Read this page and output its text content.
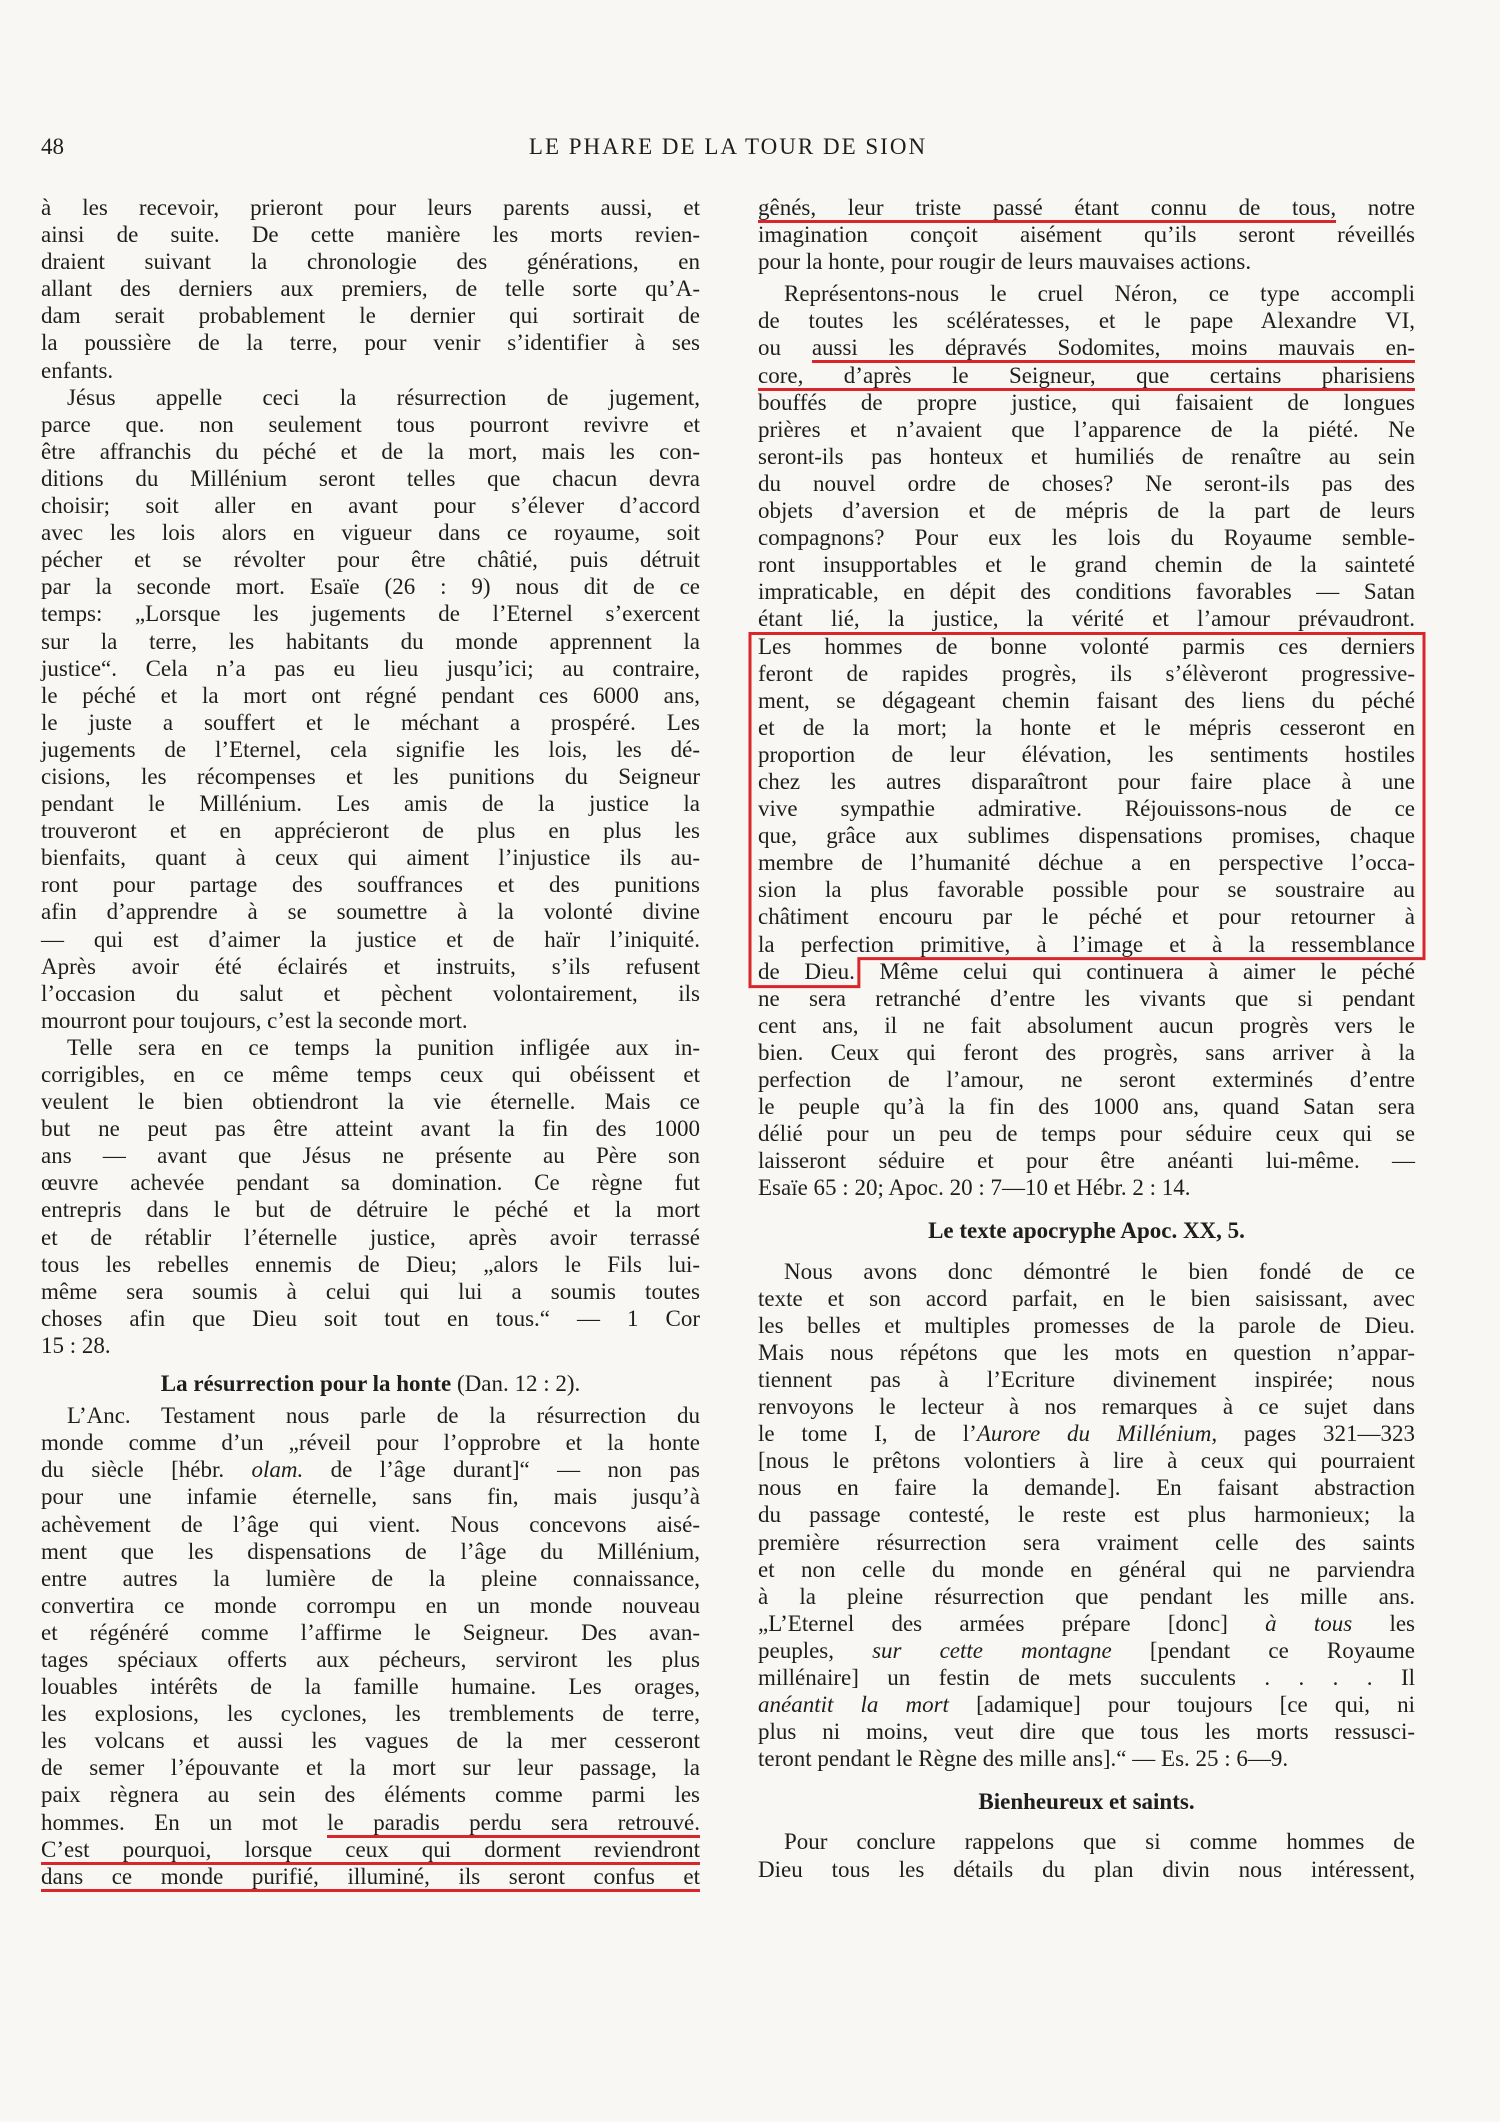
48	LE PHARE DE LA TOUR DE SION
à les recevoir, prieront pour leurs parents aussi, et
ainsi de suite. De cette manière les morts revien-
draient suivant la chronologie des générations, en
allant des derniers aux premiers, de telle sorte qu’A-
dam serait probablement le dernier qui sortirait de
la poussière de la terre, pour venir s’identifier à ses
enfants.
Jésus appelle ceci la résurrection de jugement,
parce que. non seulement tous pourront revivre et
être affranchis du péché et de la mort, mais les con-
ditions du Millénium seront telles que chacun devra
choisir; soit aller en avant pour s’élever d’accord
avec les lois alors en vigueur dans ce royaume, soit
pécher et se révolter pour être châtié, puis détruit
par la seconde mort. Esaïe (26 : 9) nous dit de ce
temps: „Lorsque les jugements de l’Eternel s’exercent
sur la terre, les habitants du monde apprennent la
justice“. Cela n’a pas eu lieu jusqu’ici; au contraire,
le péché et la mort ont régné pendant ces 6000 ans,
le juste a souffert et le méchant a prospéré. Les
jugements de l’Eternel, cela signifie les lois, les dé-
cisions, les récompenses et les punitions du Seigneur
pendant le Millénium. Les amis de la justice la
trouveront et en apprécieront de plus en plus les
bienfaits, quant à ceux qui aiment l’injustice ils au-
ront pour partage des souffrances et des punitions
afin d’apprendre à se soumettre à la volonté divine
— qui est d’aimer la justice et de haïr l’iniquité.
Après avoir été éclairés et instruits, s’ils refusent
l’occasion du salut et pèchent volontairement, ils
mourront pour toujours, c’est la seconde mort.
Telle sera en ce temps la punition infligée aux in-
corrigibles, en ce même temps ceux qui obéissent et
veulent le bien obtiendront la vie éternelle. Mais ce
but ne peut pas être atteint avant la fin des 1000
ans — avant que Jésus ne présente au Père son
œuvre achevée pendant sa domination. Ce règne fut
entrepris dans le but de détruire le péché et la mort
et de rétablir l’éternelle justice, après avoir terrassé
tous les rebelles ennemis de Dieu; „alors le Fils lui-
même sera soumis à celui qui lui a soumis toutes
choses afin que Dieu soit tout en tous.“ — 1 Cor
15 : 28.
La résurrection pour la honte (Dan. 12 : 2).
L’Anc. Testament nous parle de la résurrection du
monde comme d’un „réveil pour l’opprobre et la honte
du siècle [hébr. olam. de l’âge durant]“ — non pas
pour une infamie éternelle, sans fin, mais jusqu’à
achèvement de l’âge qui vient. Nous concevons aisé-
ment que les dispensations de l’âge du Millénium,
entre autres la lumière de la pleine connaissance,
convertira ce monde corrompu en un monde nouveau
et régénéré comme l’affirme le Seigneur. Des avan-
tages spéciaux offerts aux pécheurs, serviront les plus
louables intérêts de la famille humaine. Les orages,
les explosions, les cyclones, les tremblements de terre,
les volcans et aussi les vagues de la mer cesseront
de semer l’épouvante et la mort sur leur passage, la
paix règnera au sein des éléments comme parmi les
hommes. En un mot le paradis perdu sera retrouvé.
C’est pourquoi, lorsque ceux qui dorment reviendront
dans ce monde purifié, illuminé, ils seront confus et
gênés, leur triste passé étant connu de tous, notre
imagination conçoit aisément qu’ils seront réveillés
pour la honte, pour rougir de leurs mauvaises actions.
Représentons-nous le cruel Néron, ce type accompli
de toutes les scélératesses, et le pape Alexandre VI,
ou aussi les dépravés Sodomites, moins mauvais en-
core, d’après le Seigneur, que certains pharisiens
bouffés de propre justice, qui faisaient de longues
prières et n’avaient que l’apparence de la piété. Ne
seront-ils pas honteux et humiliés de renaître au sein
du nouvel ordre de choses? Ne seront-ils pas des
objets d’aversion et de mépris de la part de leurs
compagnons? Pour eux les lois du Royaume semble-
ront insupportables et le grand chemin de la sainteté
impraticable, en dépit des conditions favorables — Satan
étant lié, la justice, la vérité et l’amour prévaudront.
Les hommes de bonne volonté parmis ces derniers
feront de rapides progrès, ils s’élèveront progressive-
ment, se dégageant chemin faisant des liens du péché
et de la mort; la honte et le mépris cesseront en
proportion de leur élévation, les sentiments hostiles
chez les autres disparaîtront pour faire place à une
vive sympathie admirative. Réjouissons-nous de ce
que, grâce aux sublimes dispensations promises, chaque
membre de l’humanité déchue a en perspective l’occa-
sion la plus favorable possible pour se soustraire au
châtiment encouru par le péché et pour retourner à
la perfection primitive, à l’image et à la ressemblance
de Dieu. Même celui qui continuera à aimer le péché
ne sera retranché d’entre les vivants que si pendant
cent ans, il ne fait absolument aucun progrès vers le
bien. Ceux qui feront des progrès, sans arriver à la
perfection de l’amour, ne seront exterminés d’entre
le peuple qu’à la fin des 1000 ans, quand Satan sera
délié pour un peu de temps pour séduire ceux qui se
laisseront séduire et pour être anéanti lui-même. —
Esaïe 65 : 20; Apoc. 20 : 7—10 et Hébr. 2 : 14.
Le texte apocryphe Apoc. XX, 5.
Nous avons donc démontré le bien fondé de ce
texte et son accord parfait, en le bien saisissant, avec
les belles et multiples promesses de la parole de Dieu.
Mais nous répétons que les mots en question n’appar-
tiennent pas à l’Ecriture divinement inspirée; nous
renvoyons le lecteur à nos remarques à ce sujet dans
le tome I, de l’Aurore du Millénium, pages 321—323
[nous le prêtons volontiers à lire à ceux qui pourraient
nous en faire la demande]. En faisant abstraction
du passage contesté, le reste est plus harmonieux; la
première résurrection sera vraiment celle des saints
et non celle du monde en général qui ne parviendra
à la pleine résurrection que pendant les mille ans.
„L’Eternel des armées prépare [donc] à tous les
peuples, sur cette montagne [pendant ce Royaume
millénaire] un festin de mets succulents . . . . Il
anéantit la mort [adamique] pour toujours [ce qui, ni
plus ni moins, veut dire que tous les morts ressusci-
teront pendant le Règne des mille ans].“ — Es. 25 : 6—9.
Bienheureux et saints.
Pour conclure rappelons que si comme hommes de
Dieu tous les détails du plan divin nous intéressent,
